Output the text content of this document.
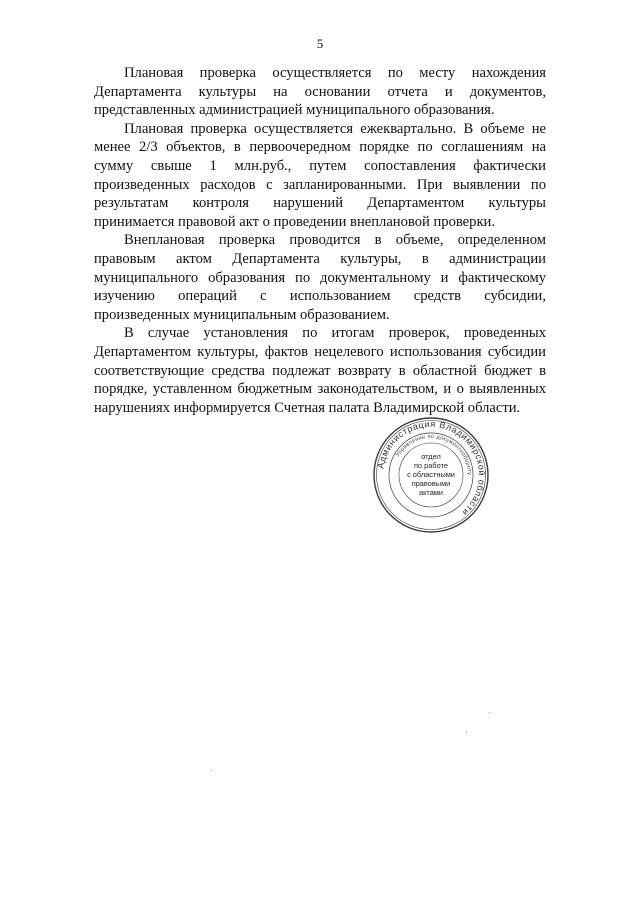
5

Плановая проверка осуществляется по месту нахождения Департамента культуры на основании отчета и документов, представленных администрацией муниципального образования.

Плановая проверка осуществляется ежеквартально. В объеме не менее 2/3 объектов, в первоочередном порядке по соглашениям на сумму свыше 1 млн.руб., путем сопоставления фактически произведенных расходов с запланированными. При выявлении по результатам контроля нарушений Департаментом культуры принимается правовой акт о проведении внеплановой проверки.

Внеплановая проверка проводится в объеме, определенном правовым актом Департамента культуры, в администрации муниципального образования по документальному и фактическому изучению операций с использованием средств субсидии, произведенных муниципальным образованием.

В случае установления по итогам проверок, проведенных Департаментом культуры, фактов нецелевого использования субсидии соответствующие средства подлежат возврату в областной бюджет в порядке, уставленном бюджетным законодательством, и о выявленных нарушениях информируется Счетная палата Владимирской области.

Администрация Владимирской области
Управление по документообороту
отдел
по работе
с областными
правовыми
актами
